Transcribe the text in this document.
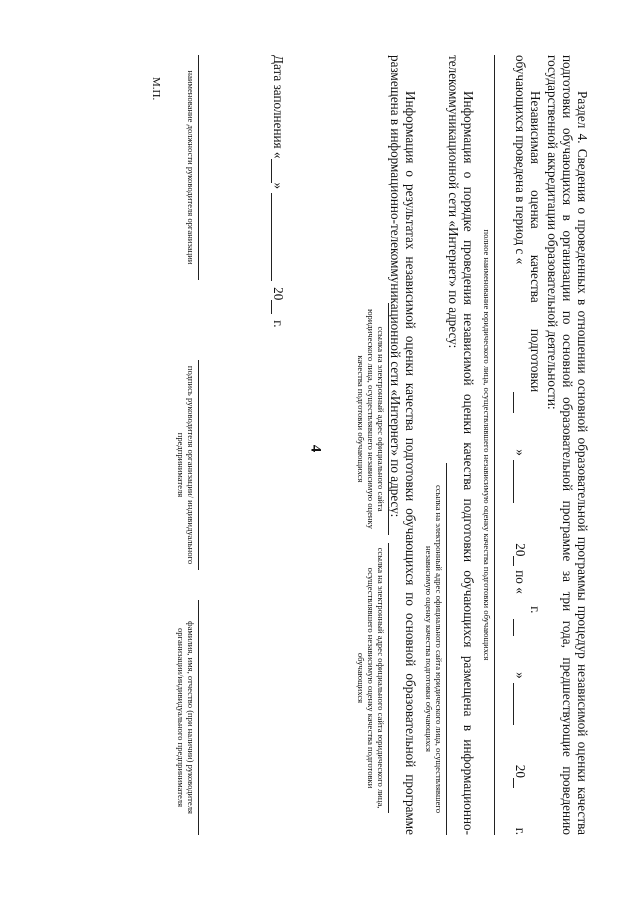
4	Раздел 4. Сведения о проведенных в отношении основной образовательной программы процедур независимой оценки качества подготовки обучающихся в организации по основной образовательной программе за три года, предшествующие проведению государственной аккредитации образовательной деятельности:

Независимая оценка качества подготовки обучающихся проведена в период с «
»
20
г. по «
»
20
г.
полное наименование юридического лица, осуществлявшего независимую оценку качества подготовки обучающихся

Информация о порядке проведения независимой оценки качества подготовки обучающихся размещена в информационно-телекоммуникационной сети «Интернет» по адресу:

ссылка на электронный адрес официального сайта юридического лица, осуществлявшего независимую оценку качества подготовки обучающихся

Информация о результатах независимой оценки качества подготовки обучающихся по основной образовательной программе размещена в информационно-телекоммуникационной сети «Интернет» по адресу:

ссылка на электронный адрес официального сайта юридического лица, осуществлявшего независимую оценку качества подготовки обучающихся
ссылка на электронный адрес официального сайта юридического лица, осуществлявшего независимую оценку качества подготовки обучающихся
Дата заполнения «
»
20
г.
наименование должности руководителя организации
подпись руководителя организации/ индивидуального предпринимателя
фамилия, имя, отчество (при наличии) руководителя организации/индивидуального предпринимателя
М.П.
